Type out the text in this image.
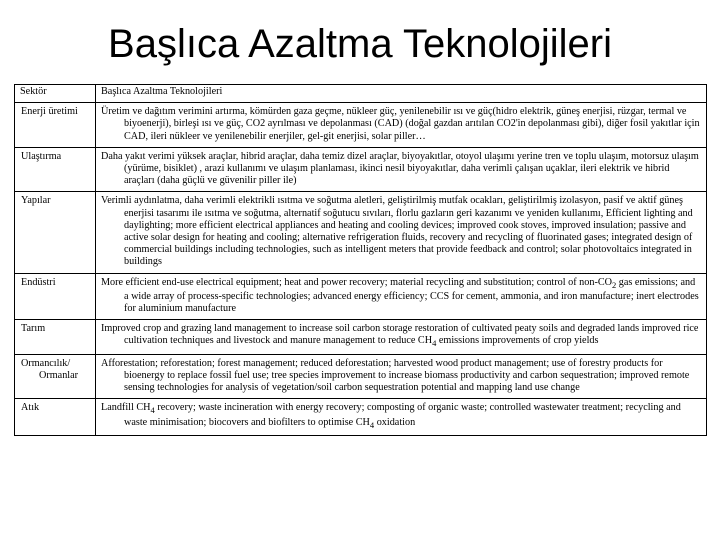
Başlıca Azaltma Teknolojileri
Sektör	Başlıca Azaltma Teknolojileri
Enerji üretimi	Üretim ve dağıtım verimini artırma, kömürden gaza geçme, nükleer güç, yenilenebilir ısı ve güç(hidro elektrik, güneş enerjisi, rüzgar, termal ve biyoenerji), birleşi ısı ve güç, CO2 ayrılması ve depolanması (CAD) (doğal gazdan arıtılan CO2'in depolanması gibi), diğer fosil yakıtlar için CAD, ileri nükleer ve yenilenebilir enerjiler, gel-git enerjisi, solar piller…
Ulaştırma	Daha yakıt verimi yüksek araçlar, hibrid araçlar, daha temiz dizel araçlar, biyoyakıtlar, otoyol ulaşımı yerine tren ve toplu ulaşım, motorsuz ulaşım (yürüme, bisiklet) , arazi kullanımı ve ulaşım planlaması, ikinci nesil biyoyakıtlar, daha verimli çalışan uçaklar, ileri elektrik ve hibrid araçları (daha güçlü ve güvenilir piller ile)
Yapılar	Verimli aydınlatma, daha verimli elektrikli ısıtma ve soğutma aletleri, geliştirilmiş mutfak ocakları, geliştirilmiş izolasyon, pasif ve aktif güneş enerjisi tasarımı ile ısıtma ve soğutma, alternatif soğutucu sıvıları, florlu gazların geri kazanımı ve yeniden kullanımı, Efficient lighting and daylighting; more efficient electrical appliances and heating and cooling devices; improved cook stoves, improved insulation; passive and active solar design for heating and cooling; alternative refrigeration fluids, recovery and recycling of fluorinated gases; integrated design of commercial buildings including technologies, such as intelligent meters that provide feedback and control; solar photovoltaics integrated in buildings
Endüstri	More efficient end-use electrical equipment; heat and power recovery; material recycling and substitution; control of non-$CO_2$ gas emissions; and a wide array of process-specific technologies; advanced energy efficiency; CCS for cement, ammonia, and iron manufacture; inert electrodes for aluminium manufacture
Tarım	Improved crop and grazing land management to increase soil carbon storage restoration of cultivated peaty soils and degraded lands improved rice cultivation techniques and livestock and manure management to reduce $CH_4$ emissions improvements of crop yields
Ormancılık/ Ormanlar	Afforestation; reforestation; forest management; reduced deforestation; harvested wood product management; use of forestry products for bioenergy to replace fossil fuel use; tree species improvement to increase biomass productivity and carbon sequestration; improved remote sensing technologies for analysis of vegetation/soil carbon sequestration potential and mapping land use change
Atık	Landfill $CH_4$ recovery; waste incineration with energy recovery; composting of organic waste; controlled wastewater treatment; recycling and waste minimisation; biocovers and biofilters to optimise $CH_4$ oxidation
